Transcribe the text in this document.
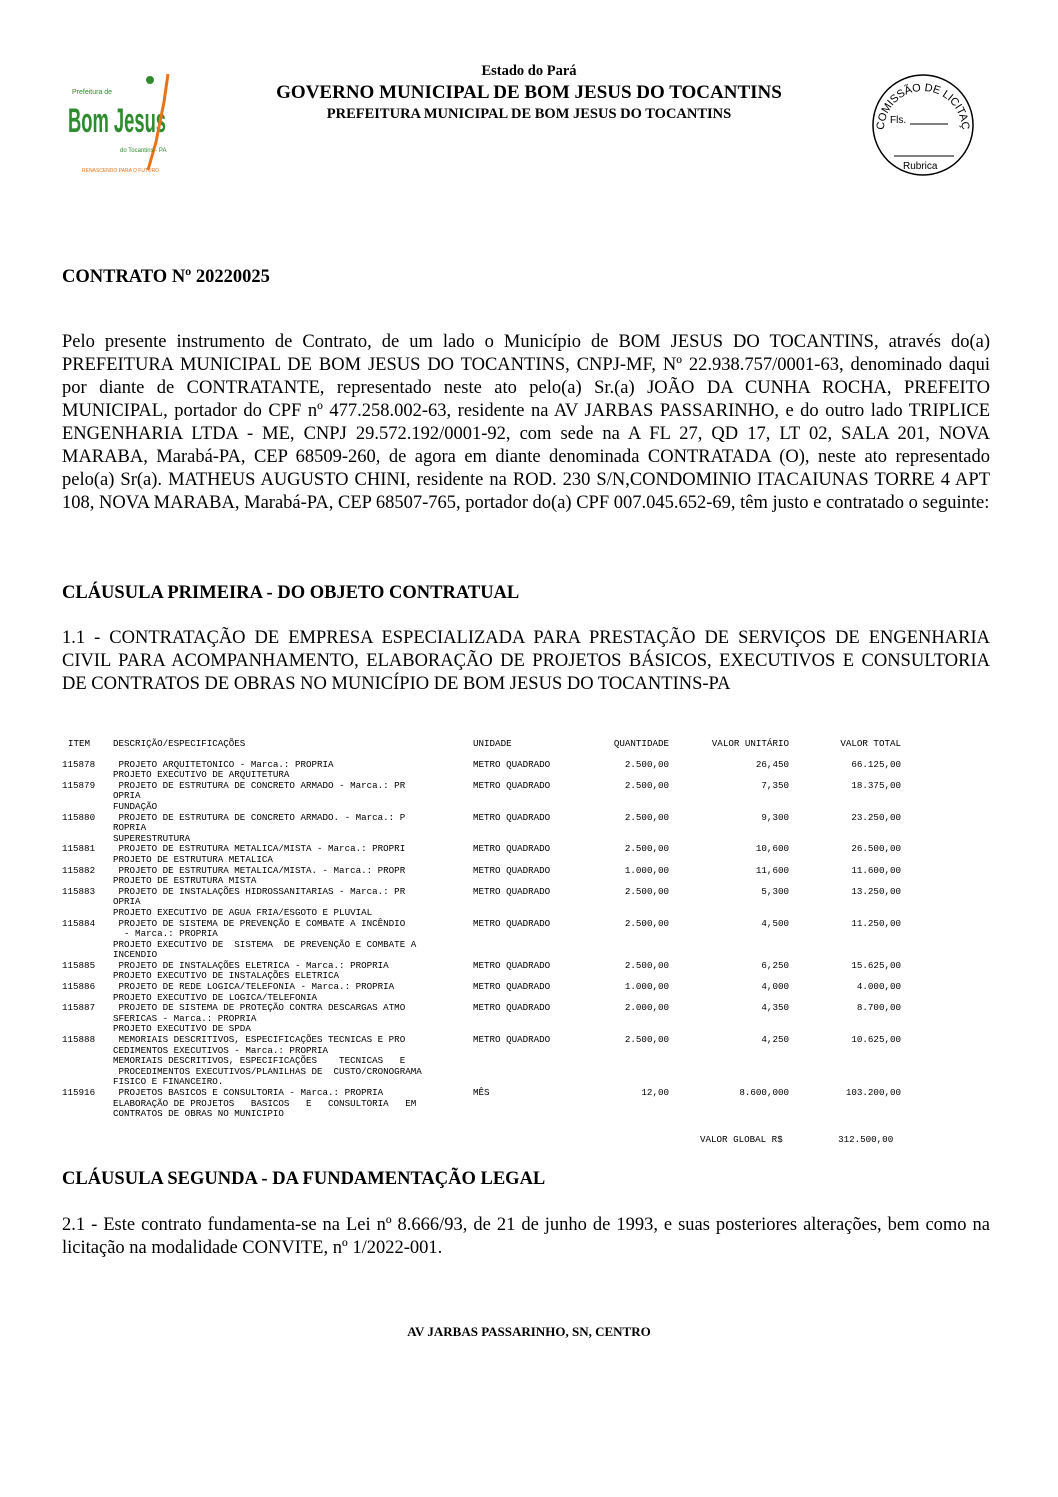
Prefeitura de
Bom Jesus
do Tocantins - PA
RENASCENDO PARA O FUTURO
Estado do Pará
GOVERNO MUNICIPAL DE BOM JESUS DO TOCANTINS
PREFEITURA MUNICIPAL DE BOM JESUS DO TOCANTINS
COMISSÃO DE LICITAÇ
Fls.
Rubrica
CONTRATO Nº 20220025
Pelo presente instrumento de Contrato, de um lado o Município de BOM JESUS DO TOCANTINS, através do(a) PREFEITURA MUNICIPAL DE BOM JESUS DO TOCANTINS, CNPJ-MF, Nº 22.938.757/0001-63, denominado daqui por diante de CONTRATANTE, representado neste ato pelo(a) Sr.(a) JOÃO DA CUNHA ROCHA, PREFEITO MUNICIPAL, portador do CPF nº 477.258.002-63, residente na AV JARBAS PASSARINHO, e do outro lado TRIPLICE ENGENHARIA LTDA - ME, CNPJ 29.572.192/0001-92, com sede na A FL 27, QD 17, LT 02, SALA 201, NOVA MARABA, Marabá-PA, CEP 68509-260, de agora em diante denominada CONTRATADA (O), neste ato representado pelo(a) Sr(a). MATHEUS AUGUSTO CHINI, residente na ROD. 230 S/N,CONDOMINIO ITACAIUNAS TORRE 4 APT 108, NOVA MARABA, Marabá-PA, CEP 68507-765, portador do(a) CPF 007.045.652-69, têm justo e contratado o seguinte:
CLÁUSULA PRIMEIRA - DO OBJETO CONTRATUAL
1.1 - CONTRATAÇÃO DE EMPRESA ESPECIALIZADA PARA PRESTAÇÃO DE SERVIÇOS DE ENGENHARIA CIVIL PARA ACOMPANHAMENTO, ELABORAÇÃO DE PROJETOS BÁSICOS, EXECUTIVOS E CONSULTORIA DE CONTRATOS DE OBRAS NO MUNICÍPIO DE BOM JESUS DO TOCANTINS-PA
ITEM	DESCRIÇÃO/ESPECIFICAÇÕES	UNIDADE	QUANTIDADE	VALOR UNITÁRIO	VALOR TOTAL
115878	PROJETO ARQUITETONICO - Marca.: PROPRIA
PROJETO EXECUTIVO DE ARQUITETURA
METRO QUADRADO	2.500,00	26,450	66.125,00
115879	PROJETO DE ESTRUTURA DE CONCRETO ARMADO - Marca.: PR
OPRIA
FUNDAÇÃO
METRO QUADRADO	2.500,00	7,350	18.375,00
115880	PROJETO DE ESTRUTURA DE CONCRETO ARMADO. - Marca.: P
ROPRIA
SUPERESTRUTURA
METRO QUADRADO	2.500,00	9,300	23.250,00
115881	PROJETO DE ESTRUTURA METALICA/MISTA - Marca.: PROPRI
PROJETO DE ESTRUTURA METALICA
METRO QUADRADO	2.500,00	10,600	26.500,00
115882	PROJETO DE ESTRUTURA METALICA/MISTA. - Marca.: PROPR
PROJETO DE ESTRUTURA MISTA
METRO QUADRADO	1.000,00	11,600	11.600,00
115883	PROJETO DE INSTALAÇÕES HIDROSSANITARIAS - Marca.: PR
OPRIA
PROJETO EXECUTIVO DE AGUA FRIA/ESGOTO E PLUVIAL
METRO QUADRADO	2.500,00	5,300	13.250,00
115884	PROJETO DE SISTEMA DE PREVENÇÃO E COMBATE A INCÊNDIO
- Marca.: PROPRIA
PROJETO EXECUTIVO DE  SISTEMA  DE PREVENÇÃO E COMBATE A
INCENDIO
METRO QUADRADO	2.500,00	4,500	11.250,00
115885	PROJETO DE INSTALAÇÕES ELETRICA - Marca.: PROPRIA
PROJETO EXECUTIVO DE INSTALAÇÕES ELETRICA
METRO QUADRADO	2.500,00	6,250	15.625,00
115886	PROJETO DE REDE LOGICA/TELEFONIA - Marca.: PROPRIA
PROJETO EXECUTIVO DE LOGICA/TELEFONIA
METRO QUADRADO	1.000,00	4,000	4.000,00
115887	PROJETO DE SISTEMA DE PROTEÇÃO CONTRA DESCARGAS ATMO
SFERICAS - Marca.: PROPRIA
PROJETO EXECUTIVO DE SPDA
METRO QUADRADO	2.000,00	4,350	8.700,00
115888	MEMORIAIS DESCRITIVOS, ESPECIFICAÇÕES TECNICAS E PRO
CEDIMENTOS EXECUTIVOS - Marca.: PROPRIA
MEMORIAIS DESCRITIVOS, ESPECIFICAÇÕES    TECNICAS   E
PROCEDIMENTOS EXECUTIVOS/PLANILHAS DE  CUSTO/CRONOGRAMA
FISICO E FINANCEIRO.
METRO QUADRADO	2.500,00	4,250	10.625,00
115916	PROJETOS BASICOS E CONSULTORIA - Marca.: PROPRIA
ELABORAÇÃO DE PROJETOS   BASICOS   E   CONSULTORIA   EM
CONTRATOS DE OBRAS NO MUNICIPIO
MÊS	12,00	8.600,000	103.200,00
VALOR GLOBAL R$	312.500,00
CLÁUSULA SEGUNDA - DA FUNDAMENTAÇÃO LEGAL
2.1 - Este contrato fundamenta-se na Lei nº 8.666/93, de 21 de junho de 1993, e suas posteriores alterações, bem como na licitação na modalidade CONVITE, nº 1/2022-001.
AV JARBAS PASSARINHO, SN, CENTRO
